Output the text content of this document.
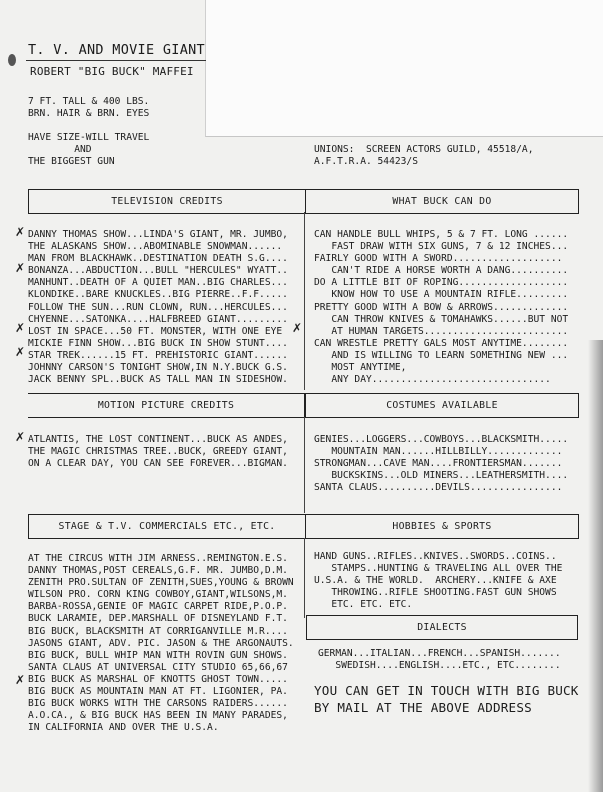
T. V. AND MOVIE GIANT
ROBERT "BIG BUCK" MAFFEI
7 FT. TALL & 400 LBS.
BRN. HAIR & BRN. EYES
HAVE SIZE-WILL TRAVEL
AND
THE BIGGEST GUN
UNIONS:  SCREEN ACTORS GUILD, 45518/A,
A.F.T.R.A. 54423/S
TELEVISION CREDITS	WHAT BUCK CAN DO
DANNY THOMAS SHOW...LINDA'S GIANT, MR. JUMBO,
THE ALASKANS SHOW...ABOMINABLE SNOWMAN......
MAN FROM BLACKHAWK..DESTINATION DEATH S.G....
BONANZA...ABDUCTION...BULL "HERCULES" WYATT..
MANHUNT..DEATH OF A QUIET MAN..BIG CHARLES...
KLONDIKE..BARE KNUCKLES..BIG PIERRE..F.F.....
FOLLOW THE SUN...RUN CLOWN, RUN...HERCULES...
CHYENNE...SATONKA....HALFBREED GIANT.........
LOST IN SPACE...50 FT. MONSTER, WITH ONE EYE
MICKIE FINN SHOW...BIG BUCK IN SHOW STUNT....
STAR TREK......15 FT. PREHISTORIC GIANT......
JOHNNY CARSON'S TONIGHT SHOW,IN N.Y.BUCK G.S.
JACK BENNY SPL..BUCK AS TALL MAN IN SIDESHOW.
CAN HANDLE BULL WHIPS, 5 & 7 FT. LONG ......
FAST DRAW WITH SIX GUNS, 7 & 12 INCHES...
FAIRLY GOOD WITH A SWORD...................
CAN'T RIDE A HORSE WORTH A DANG..........
DO A LITTLE BIT OF ROPING...................
KNOW HOW TO USE A MOUNTAIN RIFLE.........
PRETTY GOOD WITH A BOW & ARROWS.............
CAN THROW KNIVES & TOMAHAWKS......BUT NOT
AT HUMAN TARGETS.........................
CAN WRESTLE PRETTY GALS MOST ANYTIME........
AND IS WILLING TO LEARN SOMETHING NEW ...
MOST ANYTIME,
ANY DAY...............................
MOTION PICTURE CREDITS	COSTUMES AVAILABLE
ATLANTIS, THE LOST CONTINENT...BUCK AS ANDES,
THE MAGIC CHRISTMAS TREE..BUCK, GREEDY GIANT,
ON A CLEAR DAY, YOU CAN SEE FOREVER...BIGMAN.
GENIES...LOGGERS...COWBOYS...BLACKSMITH.....
MOUNTAIN MAN......HILLBILLY.............
STRONGMAN...CAVE MAN....FRONTIERSMAN.......
BUCKSKINS...OLD MINERS...LEATHERSMITH....
SANTA CLAUS..........DEVILS................
STAGE & T.V. COMMERCIALS ETC., ETC.	HOBBIES & SPORTS
AT THE CIRCUS WITH JIM ARNESS..REMINGTON.E.S.
DANNY THOMAS,POST CEREALS,G.F. MR. JUMBO,D.M.
ZENITH PRO.SULTAN OF ZENITH,SUES,YOUNG & BROWN
WILSON PRO. CORN KING COWBOY,GIANT,WILSONS,M.
BARBA-ROSSA,GENIE OF MAGIC CARPET RIDE,P.O.P.
BUCK LARAMIE, DEP.MARSHALL OF DISNEYLAND F.T.
BIG BUCK, BLACKSMITH AT CORRIGANVILLE M.R....
JASONS GIANT, ADV. PIC. JASON & THE ARGONAUTS.
BIG BUCK, BULL WHIP MAN WITH ROVIN GUN SHOWS.
SANTA CLAUS AT UNIVERSAL CITY STUDIO 65,66,67
BIG BUCK AS MARSHAL OF KNOTTS GHOST TOWN.....
BIG BUCK AS MOUNTAIN MAN AT FT. LIGONIER, PA.
BIG BUCK WORKS WITH THE CARSONS RAIDERS......
A.O.CA., & BIG BUCK HAS BEEN IN MANY PARADES,
IN CALIFORNIA AND OVER THE U.S.A.
HAND GUNS..RIFLES..KNIVES..SWORDS..COINS..
STAMPS..HUNTING & TRAVELING ALL OVER THE
U.S.A. & THE WORLD.  ARCHERY...KNIFE & AXE
THROWING..RIFLE SHOOTING.FAST GUN SHOWS
ETC. ETC. ETC.
DIALECTS
GERMAN...ITALIAN...FRENCH...SPANISH.......
SWEDISH....ENGLISH....ETC., ETC........
YOU CAN GET IN TOUCH WITH BIG BUCK
BY MAIL AT THE ABOVE ADDRESS
✗
✗
✗	✗
✗
✗
✗
